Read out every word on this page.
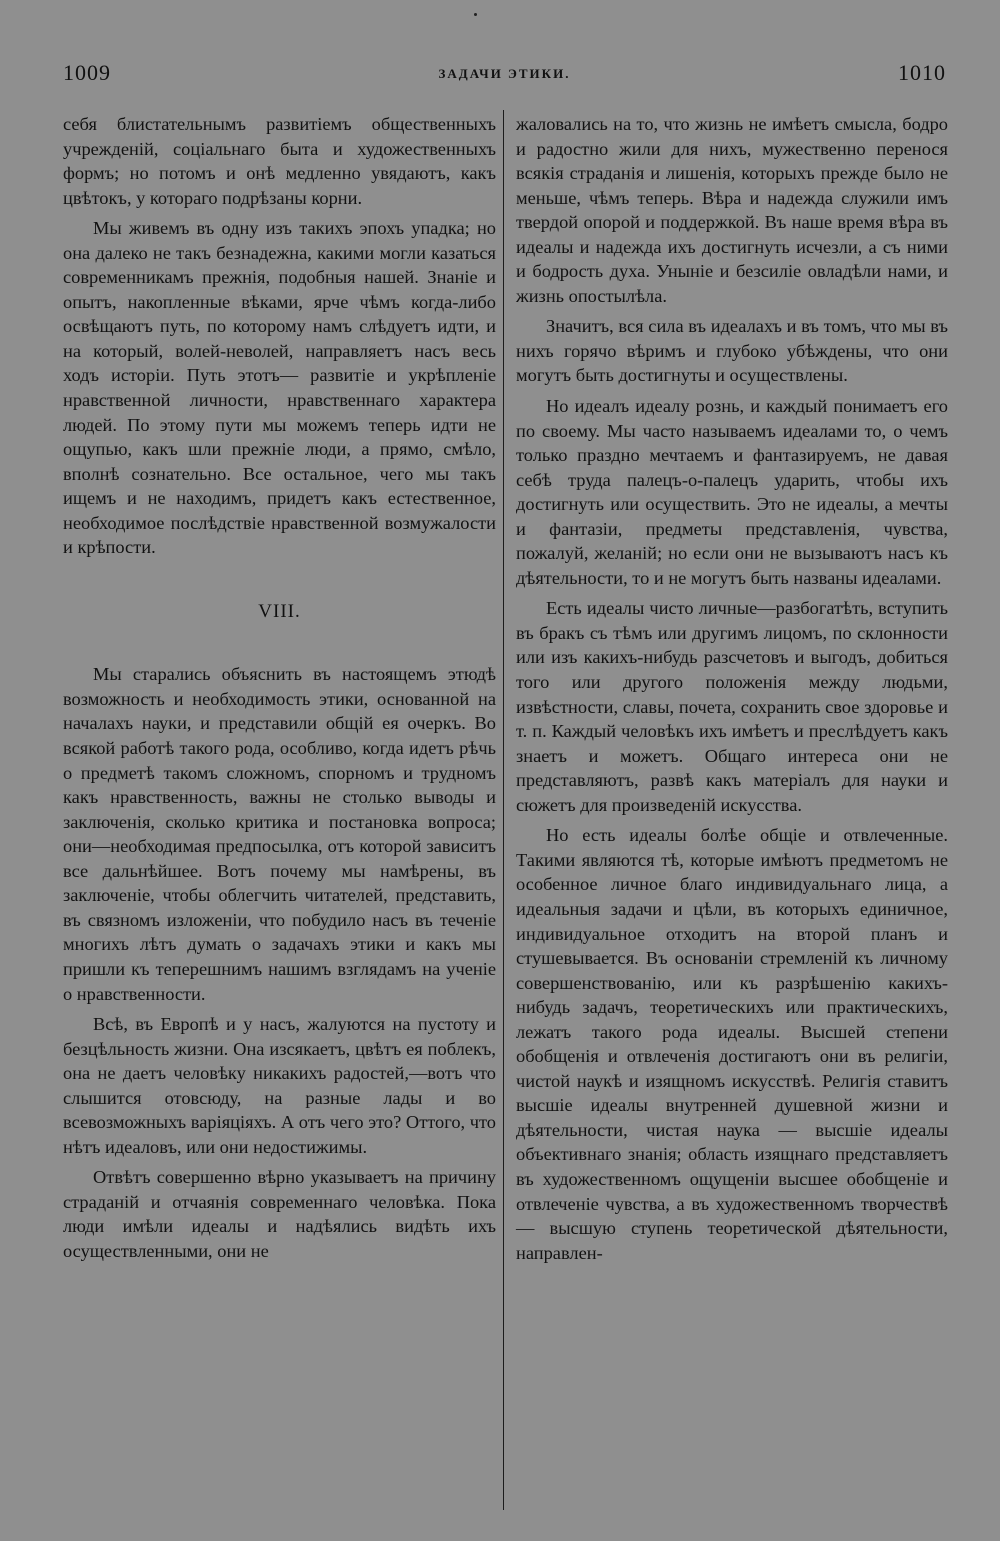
1009	ЗАДАЧИ ЭТИКИ.	1010

себя блистательнымъ развитіемъ общественныхъ учрежденій, соціальнаго быта и художественныхъ формъ; но потомъ и онѣ медленно увядаютъ, какъ цвѣтокъ, у котораго подрѣзаны корни.

Мы живемъ въ одну изъ такихъ эпохъ упадка; но она далеко не такъ безнадежна, какими могли казаться современникамъ прежнія, подобныя нашей. Знаніе и опытъ, накопленные вѣками, ярче чѣмъ когда-либо освѣщаютъ путь, по которому намъ слѣдуетъ идти, и на который, волей-неволей, направляетъ насъ весь ходъ исторіи. Путь этотъ— развитіе и укрѣпленіе нравственной личности, нравственнаго характера людей. По этому пути мы можемъ теперь идти не ощупью, какъ шли прежніе люди, а прямо, смѣло, вполнѣ сознательно. Все остальное, чего мы такъ ищемъ и не находимъ, придетъ какъ естественное, необходимое послѣдствіе нравственной возмужалости и крѣпости.

VIII.

Мы старались объяснить въ настоящемъ этюдѣ возможность и необходимость этики, основанной на началахъ науки, и представили общій ея очеркъ. Во всякой работѣ такого рода, особливо, когда идетъ рѣчь о предметѣ такомъ сложномъ, спорномъ и трудномъ какъ нравственность, важны не столько выводы и заключенія, сколько критика и постановка вопроса; они—необходимая предпосылка, отъ которой зависитъ все дальнѣйшее. Вотъ почему мы намѣрены, въ заключеніе, чтобы облегчить читателей, представить, въ связномъ изложеніи, что побудило насъ въ теченіе многихъ лѣтъ думать о задачахъ этики и какъ мы пришли къ теперешнимъ нашимъ взглядамъ на ученіе о нравственности.

Всѣ, въ Европѣ и у насъ, жалуются на пустоту и безцѣльность жизни. Она изсякаетъ, цвѣтъ ея поблекъ, она не даетъ человѣку никакихъ радостей,—вотъ что слышится отовсюду, на разные лады и во всевозможныхъ варіяціяхъ. А отъ чего это? Оттого, что нѣтъ идеаловъ, или они недостижимы.

Отвѣтъ совершенно вѣрно указываетъ на причину страданій и отчаянія современнаго человѣка. Пока люди имѣли идеалы и надѣялись видѣть ихъ осуществленными, они не

жаловались на то, что жизнь не имѣетъ смысла, бодро и радостно жили для нихъ, мужественно перенося всякія страданія и лишенія, которыхъ прежде было не меньше, чѣмъ теперь. Вѣра и надежда служили имъ твердой опорой и поддержкой. Въ наше время вѣра въ идеалы и надежда ихъ достигнуть исчезли, а съ ними и бодрость духа. Уныніе и безсиліе овладѣли нами, и жизнь опостылѣла.

Значитъ, вся сила въ идеалахъ и въ томъ, что мы въ нихъ горячо вѣримъ и глубоко убѣждены, что они могутъ быть достигнуты и осуществлены.

Но идеалъ идеалу рознь, и каждый понимаетъ его по своему. Мы часто называемъ идеалами то, о чемъ только праздно мечтаемъ и фантазируемъ, не давая себѣ труда палецъ-о-палецъ ударить, чтобы ихъ достигнуть или осуществить. Это не идеалы, а мечты и фантазіи, предметы представленія, чувства, пожалуй, желаній; но если они не вызываютъ насъ къ дѣятельности, то и не могутъ быть названы идеалами.

Есть идеалы чисто личные—разбогатѣть, вступить въ бракъ съ тѣмъ или другимъ лицомъ, по склонности или изъ какихъ-нибудь разсчетовъ и выгодъ, добиться того или другого положенія между людьми, извѣстности, славы, почета, сохранить свое здоровье и т. п. Каждый человѣкъ ихъ имѣетъ и преслѣдуетъ какъ знаетъ и можетъ. Общаго интереса они не представляютъ, развѣ какъ матеріалъ для науки и сюжетъ для произведеній искусства.

Но есть идеалы болѣе общіе и отвлеченные. Такими являются тѣ, которые имѣютъ предметомъ не особенное личное благо индивидуальнаго лица, а идеальныя задачи и цѣли, въ которыхъ единичное, индивидуальное отходитъ на второй планъ и стушевывается. Въ основаніи стремленій къ личному совершенствованію, или къ разрѣшенію какихъ-нибудь задачъ, теоретическихъ или практическихъ, лежатъ такого рода идеалы. Высшей степени обобщенія и отвлеченія достигаютъ они въ религіи, чистой наукѣ и изящномъ искусствѣ. Религія ставитъ высшіе идеалы внутренней душевной жизни и дѣятельности, чистая наука — высшіе идеалы объективнаго знанія; область изящнаго представляетъ въ художественномъ ощущеніи высшее обобщеніе и отвлеченіе чувства, а въ художественномъ творчествѣ — высшую ступень теоретической дѣятельности, направлен-
